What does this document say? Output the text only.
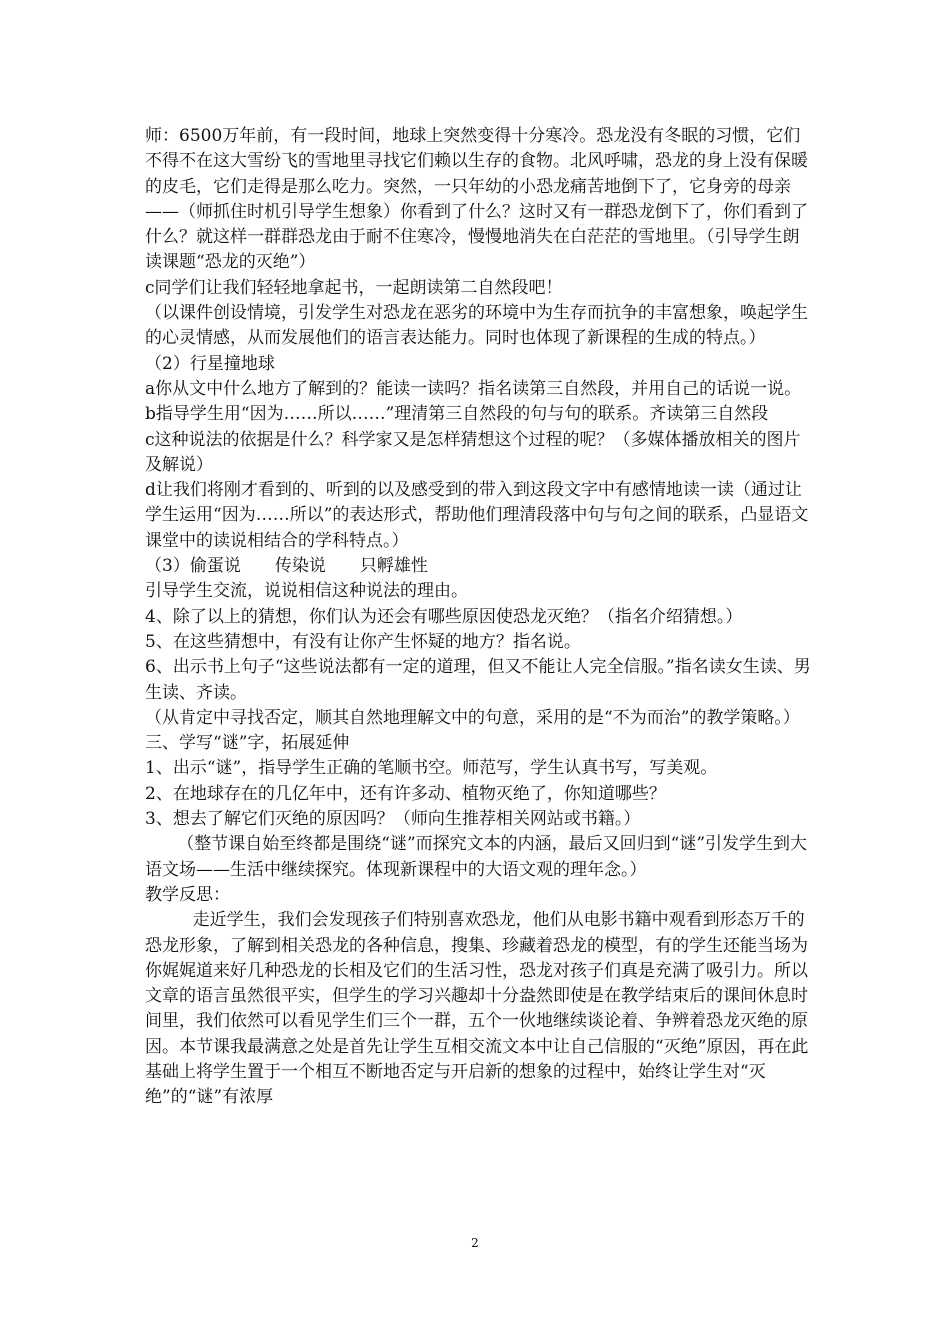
师：6500万年前，有一段时间，地球上突然变得十分寒冷。恐龙没有冬眠的习惯，它们不得不在这大雪纷飞的雪地里寻找它们赖以生存的食物。北风呼啸，恐龙的身上没有保暖的皮毛，它们走得是那么吃力。突然，一只年幼的小恐龙痛苦地倒下了，它身旁的母亲——（师抓住时机引导学生想象）你看到了什么？这时又有一群恐龙倒下了，你们看到了什么？就这样一群群恐龙由于耐不住寒冷，慢慢地消失在白茫茫的雪地里。（引导学生朗读课题“恐龙的灭绝”）

c同学们让我们轻轻地拿起书，一起朗读第二自然段吧！

（以课件创设情境，引发学生对恐龙在恶劣的环境中为生存而抗争的丰富想象，唤起学生的心灵情感，从而发展他们的语言表达能力。同时也体现了新课程的生成的特点。）

（2）行星撞地球

a你从文中什么地方了解到的？能读一读吗？指名读第三自然段，并用自己的话说一说。

b指导学生用“因为……所以……”理清第三自然段的句与句的联系。齐读第三自然段

c这种说法的依据是什么？科学家又是怎样猜想这个过程的呢？（多媒体播放相关的图片及解说）

d让我们将刚才看到的、听到的以及感受到的带入到这段文字中有感情地读一读（通过让学生运用“因为……所以”的表达形式，帮助他们理清段落中句与句之间的联系，凸显语文课堂中的读说相结合的学科特点。）

（3）偷蛋说　　传染说　　只孵雄性

引导学生交流，说说相信这种说法的理由。

4、除了以上的猜想，你们认为还会有哪些原因使恐龙灭绝？（指名介绍猜想。）

5、在这些猜想中，有没有让你产生怀疑的地方？指名说。

6、出示书上句子“这些说法都有一定的道理，但又不能让人完全信服。”指名读女生读、男生读、齐读。

（从肯定中寻找否定，顺其自然地理解文中的句意，采用的是“不为而治”的教学策略。）

三、学写“谜”字，拓展延伸

1、出示“谜”，指导学生正确的笔顺书空。师范写，学生认真书写，写美观。

2、在地球存在的几亿年中，还有许多动、植物灭绝了，你知道哪些？

3、想去了解它们灭绝的原因吗？（师向生推荐相关网站或书籍。）

（整节课自始至终都是围绕“谜”而探究文本的内涵，最后又回归到“谜”引发学生到大语文场——生活中继续探究。体现新课程中的大语文观的理年念。）

教学反思：

走近学生，我们会发现孩子们特别喜欢恐龙，他们从电影书籍中观看到形态万千的恐龙形象，了解到相关恐龙的各种信息，搜集、珍藏着恐龙的模型，有的学生还能当场为你娓娓道来好几种恐龙的长相及它们的生活习性，恐龙对孩子们真是充满了吸引力。所以文章的语言虽然很平实，但学生的学习兴趣却十分盎然即使是在教学结束后的课间休息时间里，我们依然可以看见学生们三个一群，五个一伙地继续谈论着、争辨着恐龙灭绝的原因。本节课我最满意之处是首先让学生互相交流文本中让自己信服的“灭绝”原因，再在此基础上将学生置于一个相互不断地否定与开启新的想象的过程中，始终让学生对“灭绝”的“谜”有浓厚

2
